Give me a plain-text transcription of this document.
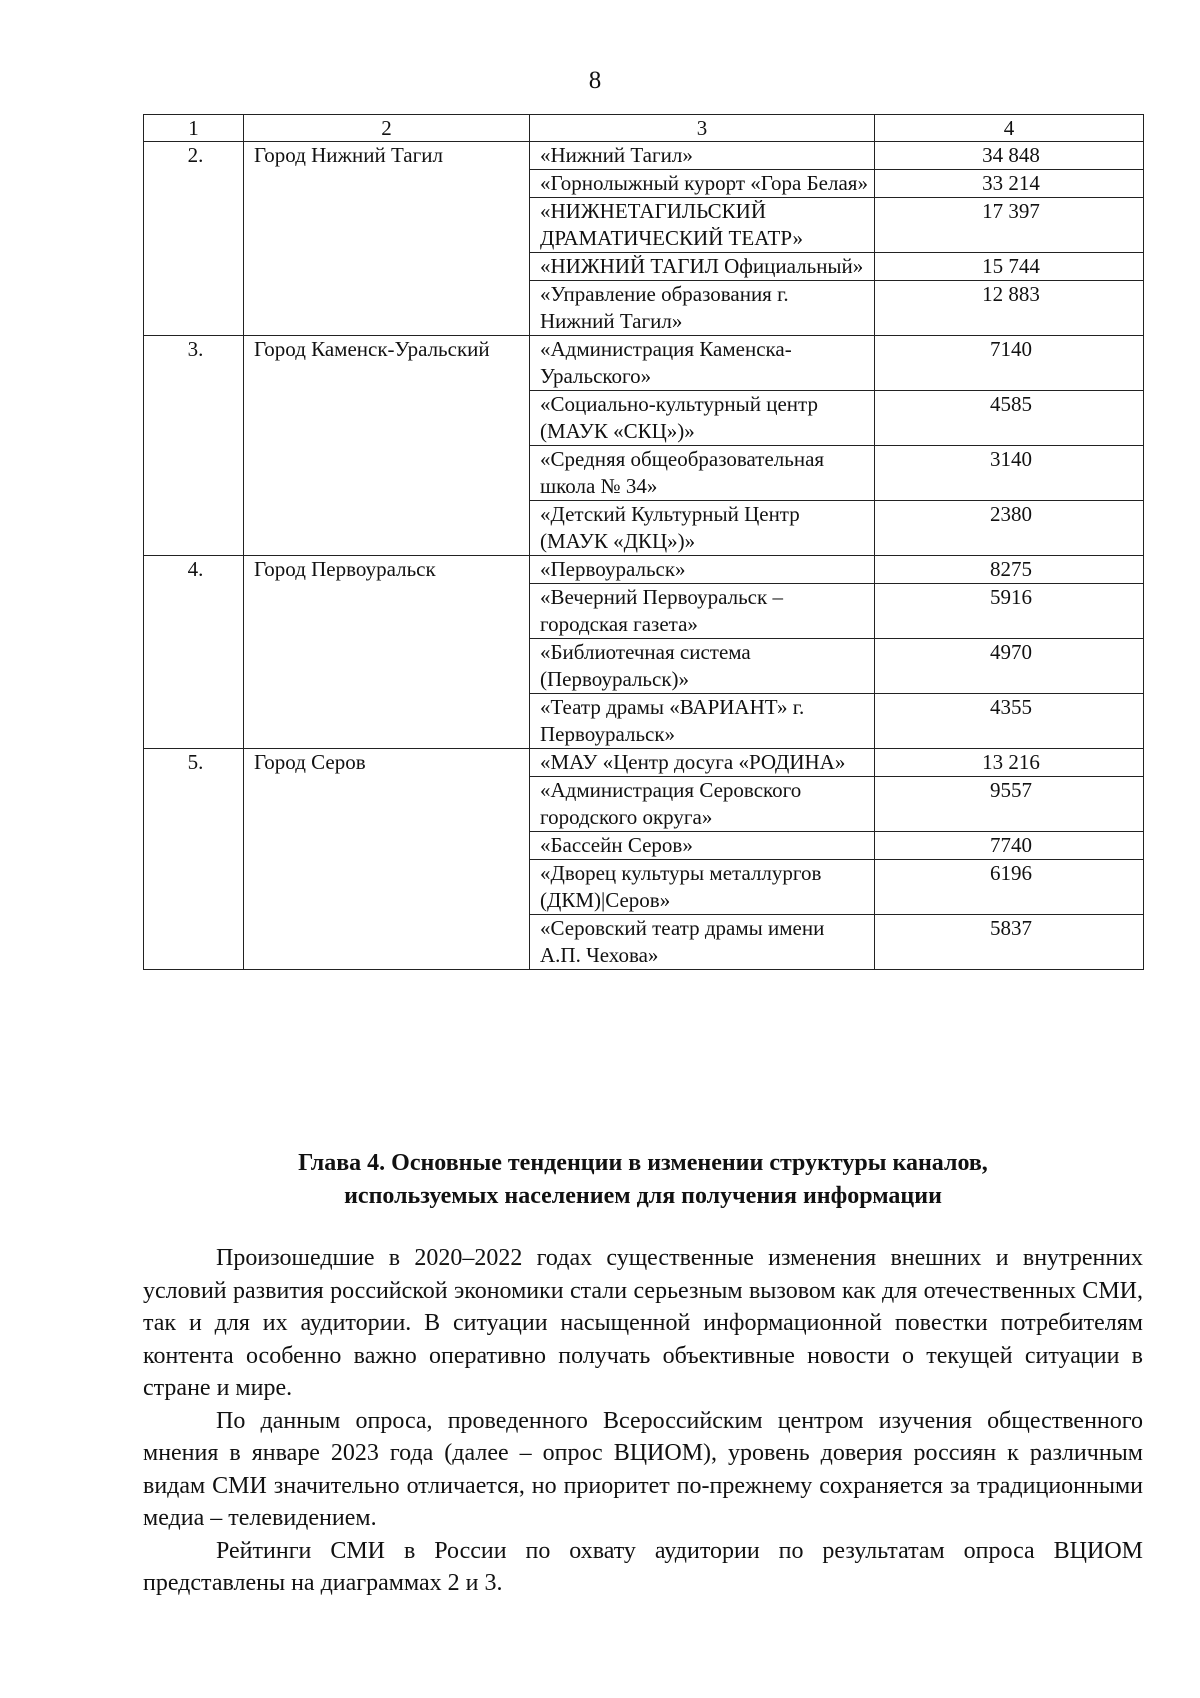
8
1	2	3	4
2.	Город Нижний Тагил	«Нижний Тагил»	34 848
		«Горнолыжный курорт «Гора Белая»	33 214
		«НИЖНЕТАГИЛЬСКИЙ ДРАМАТИЧЕСКИЙ ТЕАТР»	17 397
		«НИЖНИЙ ТАГИЛ Официальный»	15 744
		«Управление образования г. Нижний Тагил»	12 883
3.	Город Каменск-Уральский	«Администрация Каменска-Уральского»	7140
		«Социально-культурный центр (МАУК «СКЦ»)»	4585
		«Средняя общеобразовательная школа № 34»	3140
		«Детский Культурный Центр (МАУК «ДКЦ»)»	2380
4.	Город Первоуральск	«Первоуральск»	8275
		«Вечерний Первоуральск – городская газета»	5916
		«Библиотечная система (Первоуральск)»	4970
		«Театр драмы «ВАРИАНТ» г. Первоуральск»	4355
5.	Город Серов	«МАУ «Центр досуга «РОДИНА»	13 216
		«Администрация Серовского городского округа»	9557
		«Бассейн Серов»	7740
		«Дворец культуры металлургов (ДКМ)|Серов»	6196
		«Серовский театр драмы имени А.П. Чехова»	5837
Глава 4. Основные тенденции в изменении структуры каналов,
используемых населением для получения информации

Произошедшие в 2020–2022 годах существенные изменения внешних и внутренних условий развития российской экономики стали серьезным вызовом как для отечественных СМИ, так и для их аудитории. В ситуации насыщенной информационной повестки потребителям контента особенно важно оперативно получать объективные новости о текущей ситуации в стране и мире.

По данным опроса, проведенного Всероссийским центром изучения общественного мнения в январе 2023 года (далее – опрос ВЦИОМ), уровень доверия россиян к различным видам СМИ значительно отличается, но приоритет по-прежнему сохраняется за традиционными медиа – телевидением.

Рейтинги СМИ в России по охвату аудитории по результатам опроса ВЦИОМ представлены на диаграммах 2 и 3.
